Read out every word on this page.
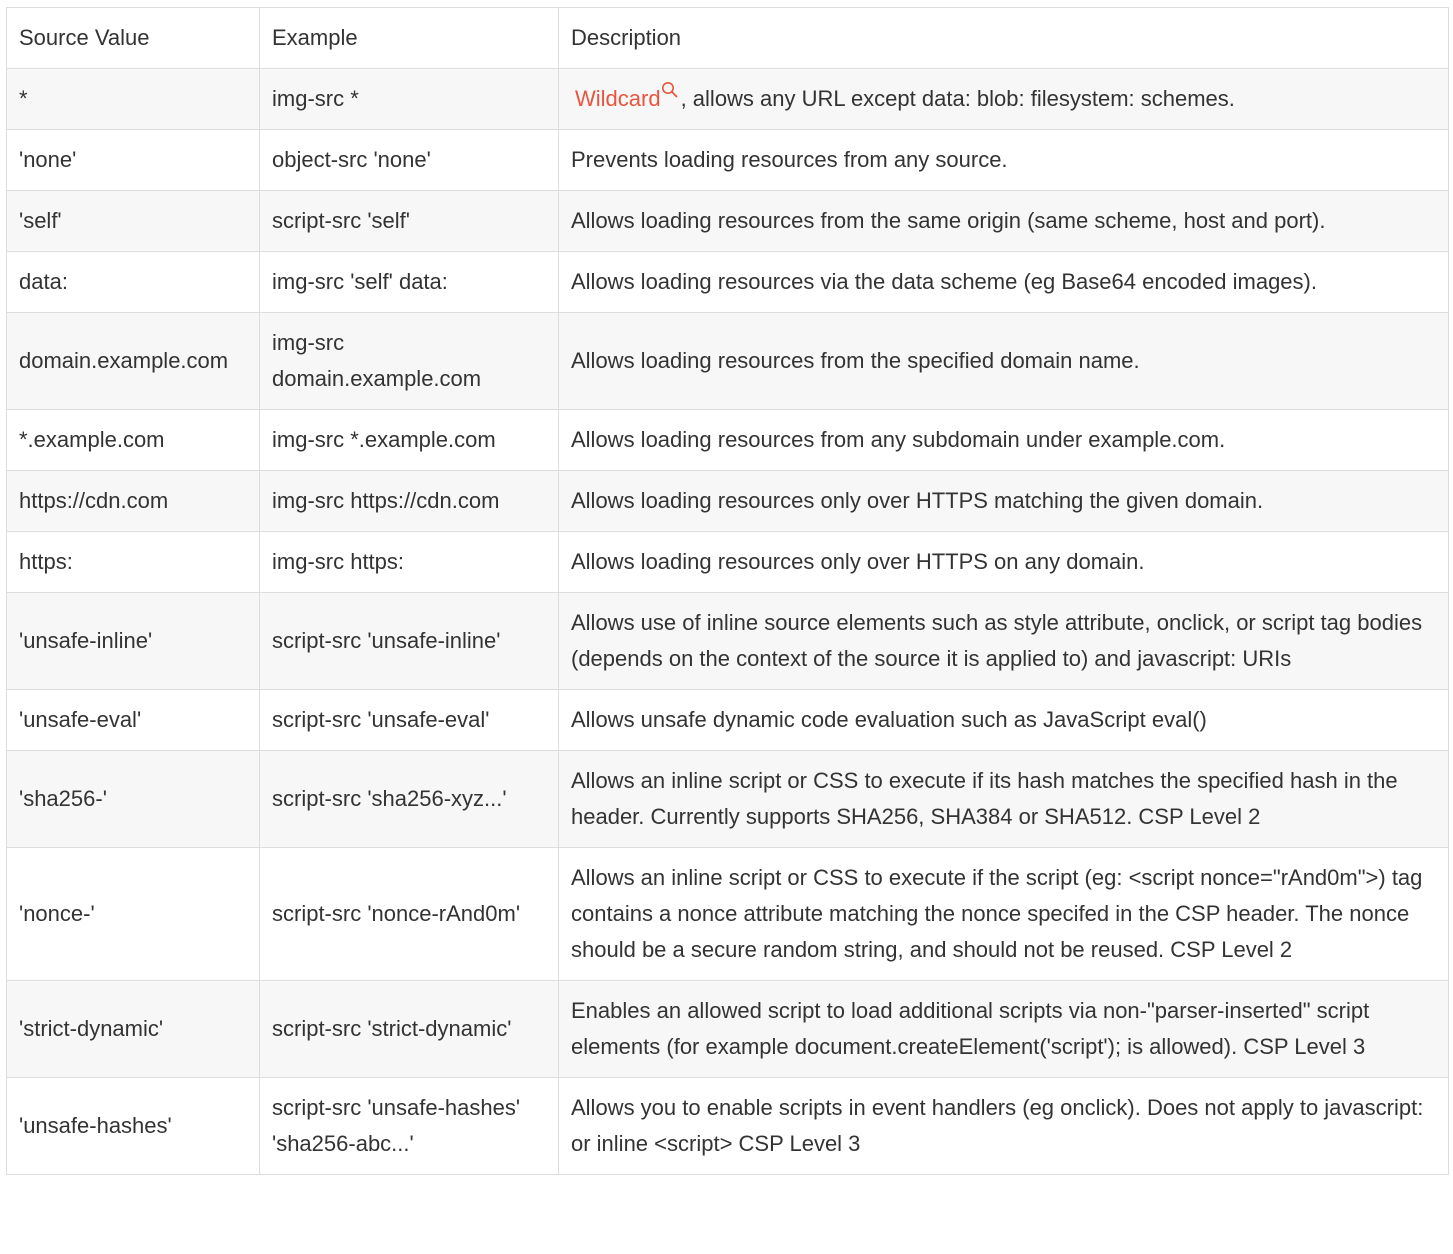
Source Value	Example	Description
*	img-src *	Wildcard , allows any URL except data: blob: filesystem: schemes.
'none'	object-src 'none'	Prevents loading resources from any source.
'self'	script-src 'self'	Allows loading resources from the same origin (same scheme, host and port).
data:	img-src 'self' data:	Allows loading resources via the data scheme (eg Base64 encoded images).
domain.example.com	img-src domain.example.com	Allows loading resources from the specified domain name.
*.example.com	img-src *.example.com	Allows loading resources from any subdomain under example.com.
https://cdn.com	img-src https://cdn.com	Allows loading resources only over HTTPS matching the given domain.
https:	img-src https:	Allows loading resources only over HTTPS on any domain.
'unsafe-inline'	script-src 'unsafe-inline'	Allows use of inline source elements such as style attribute, onclick, or script tag bodies (depends on the context of the source it is applied to) and javascript: URIs
'unsafe-eval'	script-src 'unsafe-eval'	Allows unsafe dynamic code evaluation such as JavaScript eval()
'sha256-'	script-src 'sha256-xyz...'	Allows an inline script or CSS to execute if its hash matches the specified hash in the header. Currently supports SHA256, SHA384 or SHA512. CSP Level 2
'nonce-'	script-src 'nonce-rAnd0m'	Allows an inline script or CSS to execute if the script (eg: <script nonce="rAnd0m">) tag contains a nonce attribute matching the nonce specifed in the CSP header. The nonce should be a secure random string, and should not be reused. CSP Level 2
'strict-dynamic'	script-src 'strict-dynamic'	Enables an allowed script to load additional scripts via non-"parser-inserted" script elements (for example document.createElement('script'); is allowed). CSP Level 3
'unsafe-hashes'	script-src 'unsafe-hashes' 'sha256-abc...'	Allows you to enable scripts in event handlers (eg onclick). Does not apply to javascript: or inline <script> CSP Level 3
